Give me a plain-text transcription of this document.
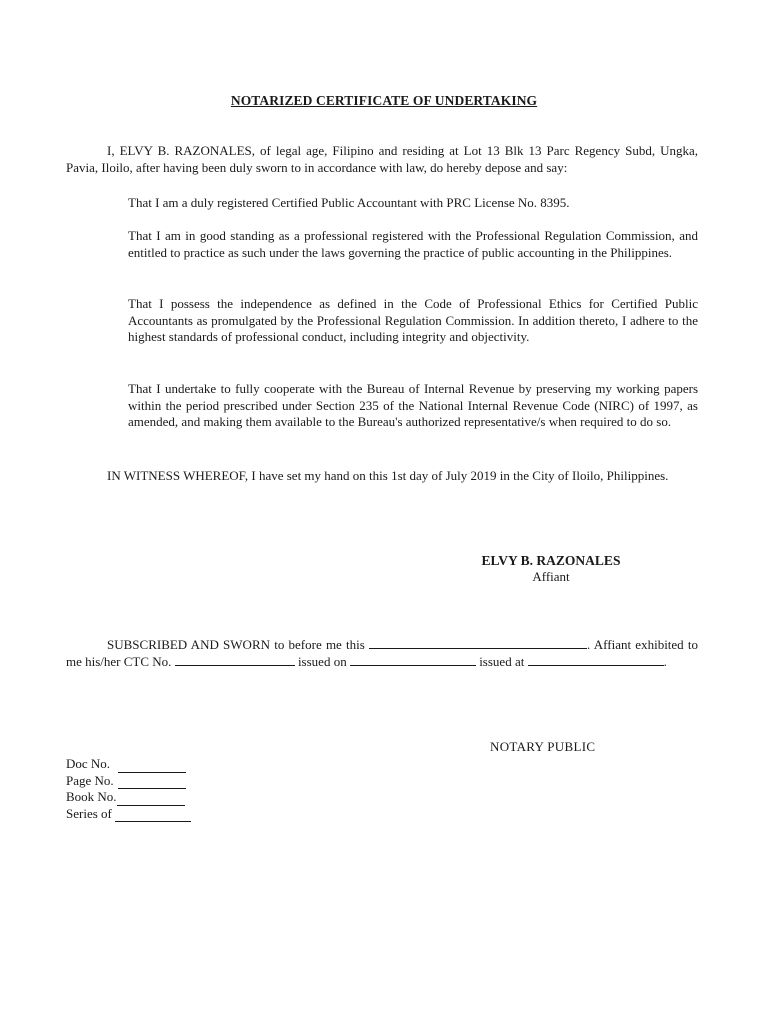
NOTARIZED CERTIFICATE OF UNDERTAKING

I, ELVY B. RAZONALES, of legal age, Filipino and residing at Lot 13 Blk 13 Parc Regency Subd, Ungka, Pavia, Iloilo, after having been duly sworn to in accordance with law, do hereby depose and say:

That I am a duly registered Certified Public Accountant with PRC License No. 8395.

That I am in good standing as a professional registered with the Professional Regulation Commission, and entitled to practice as such under the laws governing the practice of public accounting in the Philippines.

That I possess the independence as defined in the Code of Professional Ethics for Certified Public Accountants as promulgated by the Professional Regulation Commission. In addition thereto, I adhere to the highest standards of professional conduct, including integrity and objectivity.

That I undertake to fully cooperate with the Bureau of Internal Revenue by preserving my working papers within the period prescribed under Section 235 of the National Internal Revenue Code (NIRC) of 1997, as amended, and making them available to the Bureau's authorized representative/s when required to do so.

IN WITNESS WHEREOF, I have set my hand on this 1st day of July 2019 in the City of Iloilo, Philippines.

ELVY B. RAZONALES
Affiant

SUBSCRIBED AND SWORN to before me this	. Affiant exhibited to me his/her CTC No.	issued on	issued at	.

NOTARY PUBLIC
Doc No.
Page No.
Book No.
Series of
